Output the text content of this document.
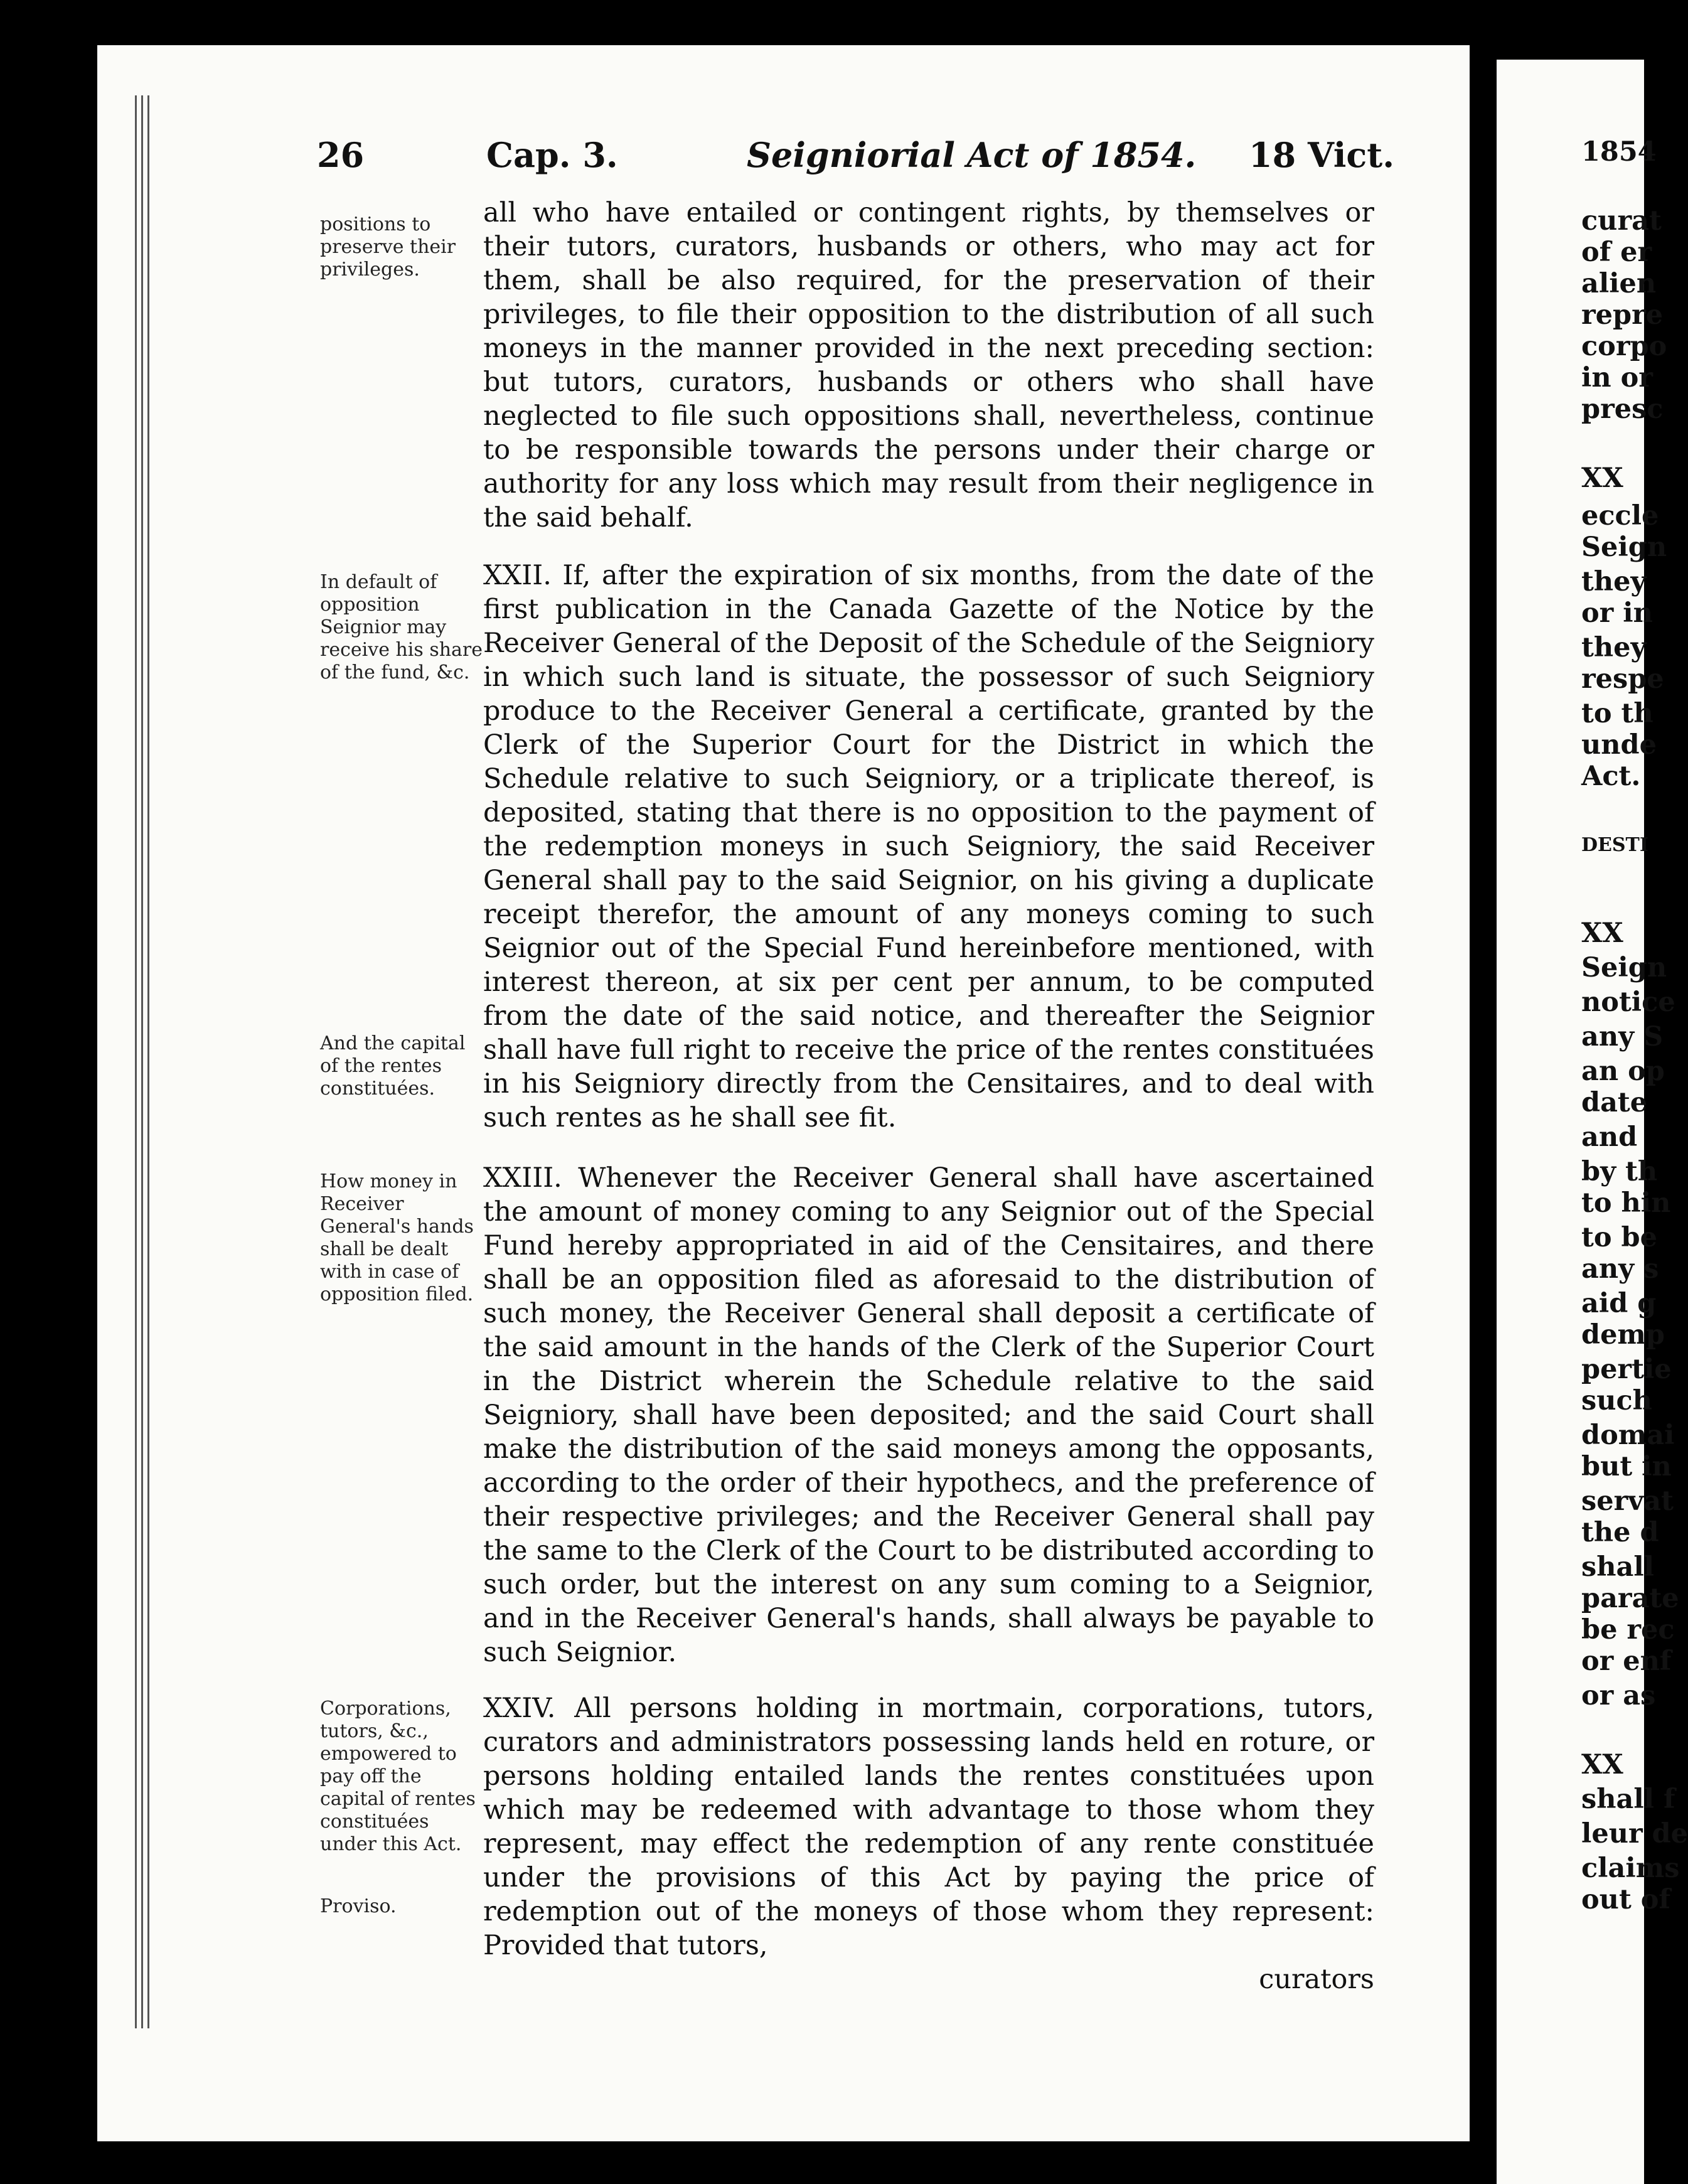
26	Cap. 3.	Seigniorial Act of 1854. 18 Vict.
positions to preserve their privileges.
In default of opposition Seignior may receive his share of the fund, &c.
And the capital of the rentes constituées.
How money in Receiver General's hands shall be dealt with in case of opposition filed.
Corporations, tutors, &c., empowered to pay off the capital of rentes constituées under this Act.
Proviso.

all who have entailed or contingent rights, by themselves or their tutors, curators, husbands or others, who may act for them, shall be also required, for the preservation of their privileges, to file their opposition to the distribution of all such moneys in the manner provided in the next preceding section: but tutors, curators, husbands or others who shall have neglected to file such oppositions shall, nevertheless, continue to be responsible towards the persons under their charge or authority for any loss which may result from their negligence in the said behalf.

XXII. If, after the expiration of six months, from the date of the first publication in the Canada Gazette of the Notice by the Receiver General of the Deposit of the Schedule of the Seigniory in which such land is situate, the possessor of such Seigniory produce to the Receiver General a certificate, granted by the Clerk of the Superior Court for the District in which the Schedule relative to such Seigniory, or a triplicate thereof, is deposited, stating that there is no opposition to the payment of the redemption moneys in such Seigniory, the said Receiver General shall pay to the said Seignior, on his giving a duplicate receipt therefor, the amount of any moneys coming to such Seignior out of the Special Fund hereinbefore mentioned, with interest thereon, at six per cent per annum, to be computed from the date of the said notice, and thereafter the Seignior shall have full right to receive the price of the rentes constituées in his Seigniory directly from the Censitaires, and to deal with such rentes as he shall see fit.

XXIII. Whenever the Receiver General shall have ascertained the amount of money coming to any Seignior out of the Special Fund hereby appropriated in aid of the Censitaires, and there shall be an opposition filed as aforesaid to the distribution of such money, the Receiver General shall deposit a certificate of the said amount in the hands of the Clerk of the Superior Court in the District wherein the Schedule relative to the said Seigniory, shall have been deposited; and the said Court shall make the distribution of the said moneys among the opposants, according to the order of their hypothecs, and the preference of their respective privileges; and the Receiver General shall pay the same to the Clerk of the Court to be distributed according to such order, but the interest on any sum coming to a Seignior, and in the Receiver General's hands, shall always be payable to such Seignior.

XXIV. All persons holding in mortmain, corporations, tutors, curators and administrators possessing lands held en roture, or persons holding entailed lands the rentes constituées upon which may be redeemed with advantage to those whom they represent, may effect the redemption of any rente constituée under the provisions of this Act by paying the price of redemption out of the moneys of those whom they represent: Provided that tutors,

curators

1854
curat
of er
alien
repre
corpo
in or
presc
XX
eccle
Seign
they
or in
they
respe
to th
unde
Act.
DESTI
XX
Seign
notice
any S
an op
date
and
by th
to hin
to be
any s
aid g
demp
pertie
such
domai
but in
servat
the d
shall
parate
be rec
or enf
or as
XX
shall f
leur de
claims
out of
